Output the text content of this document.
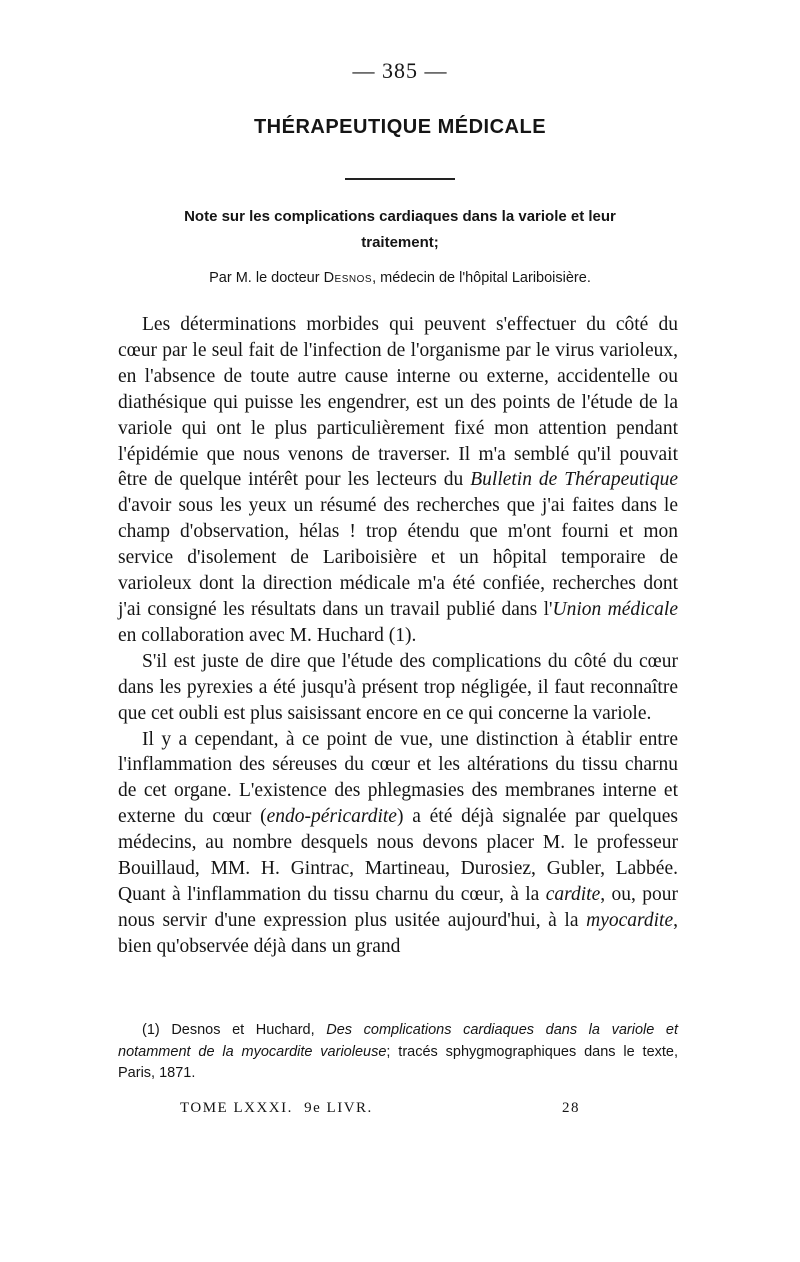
— 385 —
THÉRAPEUTIQUE MÉDICALE
Note sur les complications cardiaques dans la variole et leur
traitement;
Par M. le docteur Desnos, médecin de l'hôpital Lariboisière.

Les déterminations morbides qui peuvent s'effectuer du côté du cœur par le seul fait de l'infection de l'organisme par le virus varioleux, en l'absence de toute autre cause interne ou externe, accidentelle ou diathésique qui puisse les engendrer, est un des points de l'étude de la variole qui ont le plus particulièrement fixé mon attention pendant l'épidémie que nous venons de traverser. Il m'a semblé qu'il pouvait être de quelque intérêt pour les lecteurs du Bulletin de Thérapeutique d'avoir sous les yeux un résumé des recherches que j'ai faites dans le champ d'observation, hélas ! trop étendu que m'ont fourni et mon service d'isolement de Lariboisière et un hôpital temporaire de varioleux dont la direction médicale m'a été confiée, recherches dont j'ai consigné les résultats dans un travail publié dans l'Union médicale en collaboration avec M. Huchard (1).

S'il est juste de dire que l'étude des complications du côté du cœur dans les pyrexies a été jusqu'à présent trop négligée, il faut reconnaître que cet oubli est plus saisissant encore en ce qui concerne la variole.

Il y a cependant, à ce point de vue, une distinction à établir entre l'inflammation des séreuses du cœur et les altérations du tissu charnu de cet organe. L'existence des phlegmasies des membranes interne et externe du cœur (endo-péricardite) a été déjà signalée par quelques médecins, au nombre desquels nous devons placer M. le professeur Bouillaud, MM. H. Gintrac, Martineau, Durosiez, Gubler, Labbée. Quant à l'inflammation du tissu charnu du cœur, à la cardite, ou, pour nous servir d'une expression plus usitée aujourd'hui, à la myocardite, bien qu'observée déjà dans un grand

(1) Desnos et Huchard, Des complications cardiaques dans la variole et notamment de la myocardite varioleuse; tracés sphygmographiques dans le texte, Paris, 1871.

TOME LXXXI. 9e LIVR.	28
